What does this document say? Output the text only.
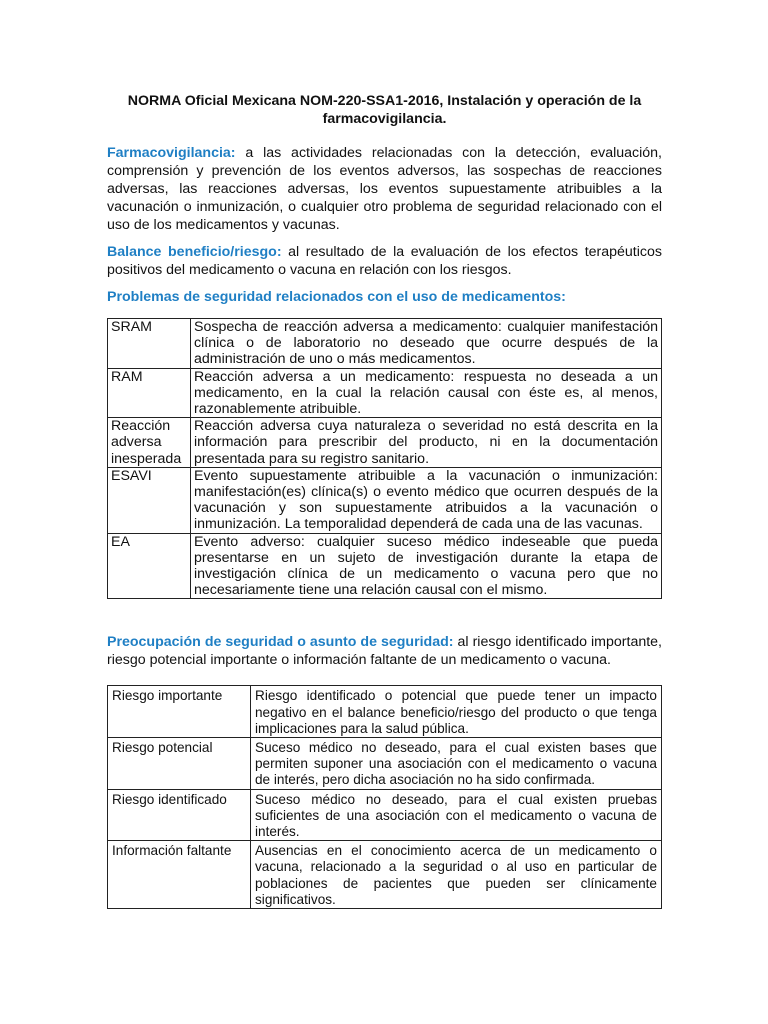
NORMA Oficial Mexicana NOM-220-SSA1-2016, Instalación y operación de la farmacovigilancia.

Farmacovigilancia: a las actividades relacionadas con la detección, evaluación, comprensión y prevención de los eventos adversos, las sospechas de reacciones adversas, las reacciones adversas, los eventos supuestamente atribuibles a la vacunación o inmunización, o cualquier otro problema de seguridad relacionado con el uso de los medicamentos y vacunas.

Balance beneficio/riesgo: al resultado de la evaluación de los efectos terapéuticos positivos del medicamento o vacuna en relación con los riesgos.

Problemas de seguridad relacionados con el uso de medicamentos:
SRAM	Sospecha de reacción adversa a medicamento: cualquier manifestación clínica o de laboratorio no deseado que ocurre después de la administración de uno o más medicamentos.
RAM	Reacción adversa a un medicamento: respuesta no deseada a un medicamento, en la cual la relación causal con éste es, al menos, razonablemente atribuible.
Reacción adversa inesperada	Reacción adversa cuya naturaleza o severidad no está descrita en la información para prescribir del producto, ni en la documentación presentada para su registro sanitario.
ESAVI	Evento supuestamente atribuible a la vacunación o inmunización: manifestación(es) clínica(s) o evento médico que ocurren después de la vacunación y son supuestamente atribuidos a la vacunación o inmunización. La temporalidad dependerá de cada una de las vacunas.
EA	Evento adverso: cualquier suceso médico indeseable que pueda presentarse en un sujeto de investigación durante la etapa de investigación clínica de un medicamento o vacuna pero que no necesariamente tiene una relación causal con el mismo.

Preocupación de seguridad o asunto de seguridad: al riesgo identificado importante, riesgo potencial importante o información faltante de un medicamento o vacuna.

Riesgo importante	Riesgo identificado o potencial que puede tener un impacto negativo en el balance beneficio/riesgo del producto o que tenga implicaciones para la salud pública.
Riesgo potencial	Suceso médico no deseado, para el cual existen bases que permiten suponer una asociación con el medicamento o vacuna de interés, pero dicha asociación no ha sido confirmada.
Riesgo identificado	Suceso médico no deseado, para el cual existen pruebas suficientes de una asociación con el medicamento o vacuna de interés.
Información faltante	Ausencias en el conocimiento acerca de un medicamento o vacuna, relacionado a la seguridad o al uso en particular de poblaciones de pacientes que pueden ser clínicamente significativos.
